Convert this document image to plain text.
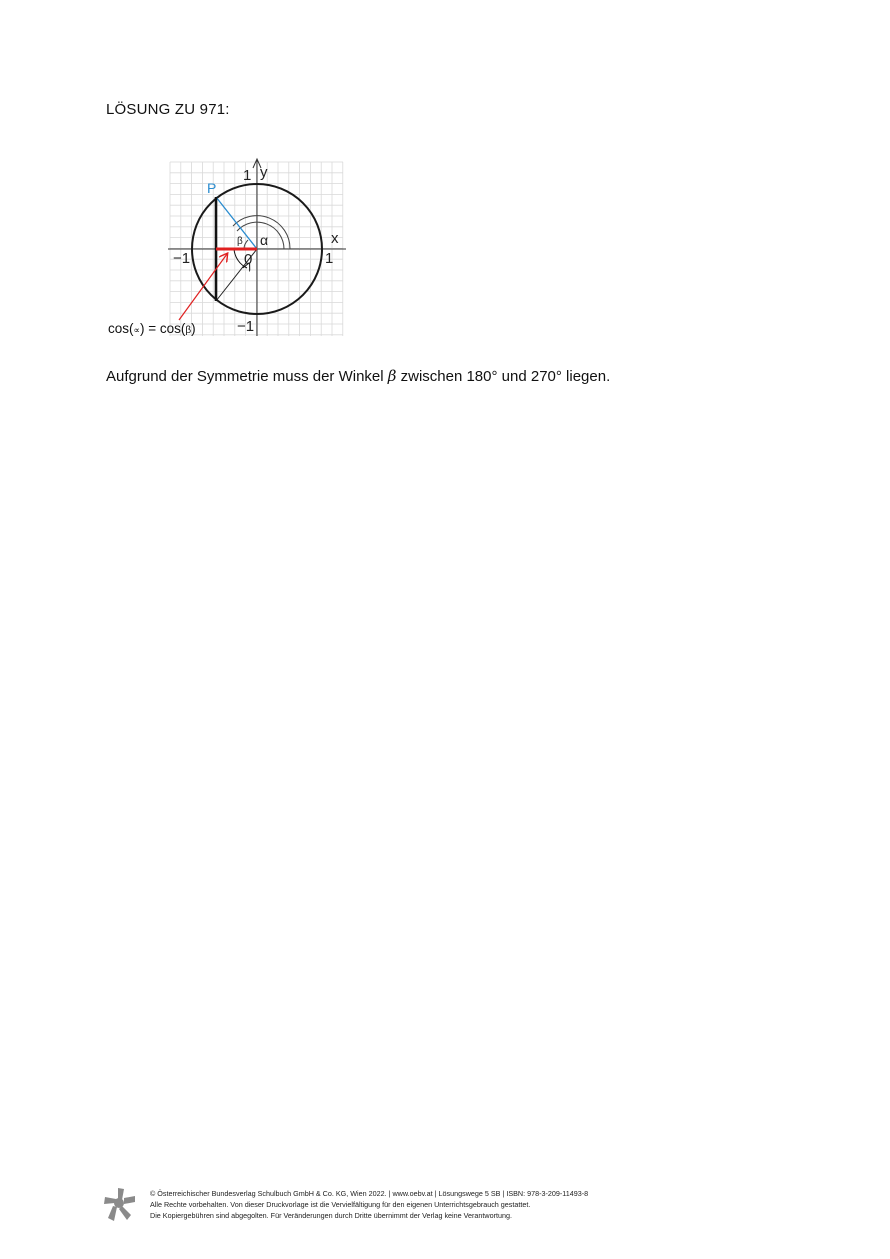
LÖSUNG ZU 971:
P
y
x
1
−1
−1	1
0
α
β
cos(∝) = cos(β)
Aufgrund der Symmetrie muss der Winkel β zwischen 180° und 270° liegen.
© Österreichischer Bundesverlag Schulbuch GmbH & Co. KG, Wien 2022. | www.oebv.at | Lösungswege 5 SB | ISBN: 978-3-209-11493-8
Alle Rechte vorbehalten. Von dieser Druckvorlage ist die Vervielfältigung für den eigenen Unterrichtsgebrauch gestattet.
Die Kopiergebühren sind abgegolten. Für Veränderungen durch Dritte übernimmt der Verlag keine Verantwortung.
